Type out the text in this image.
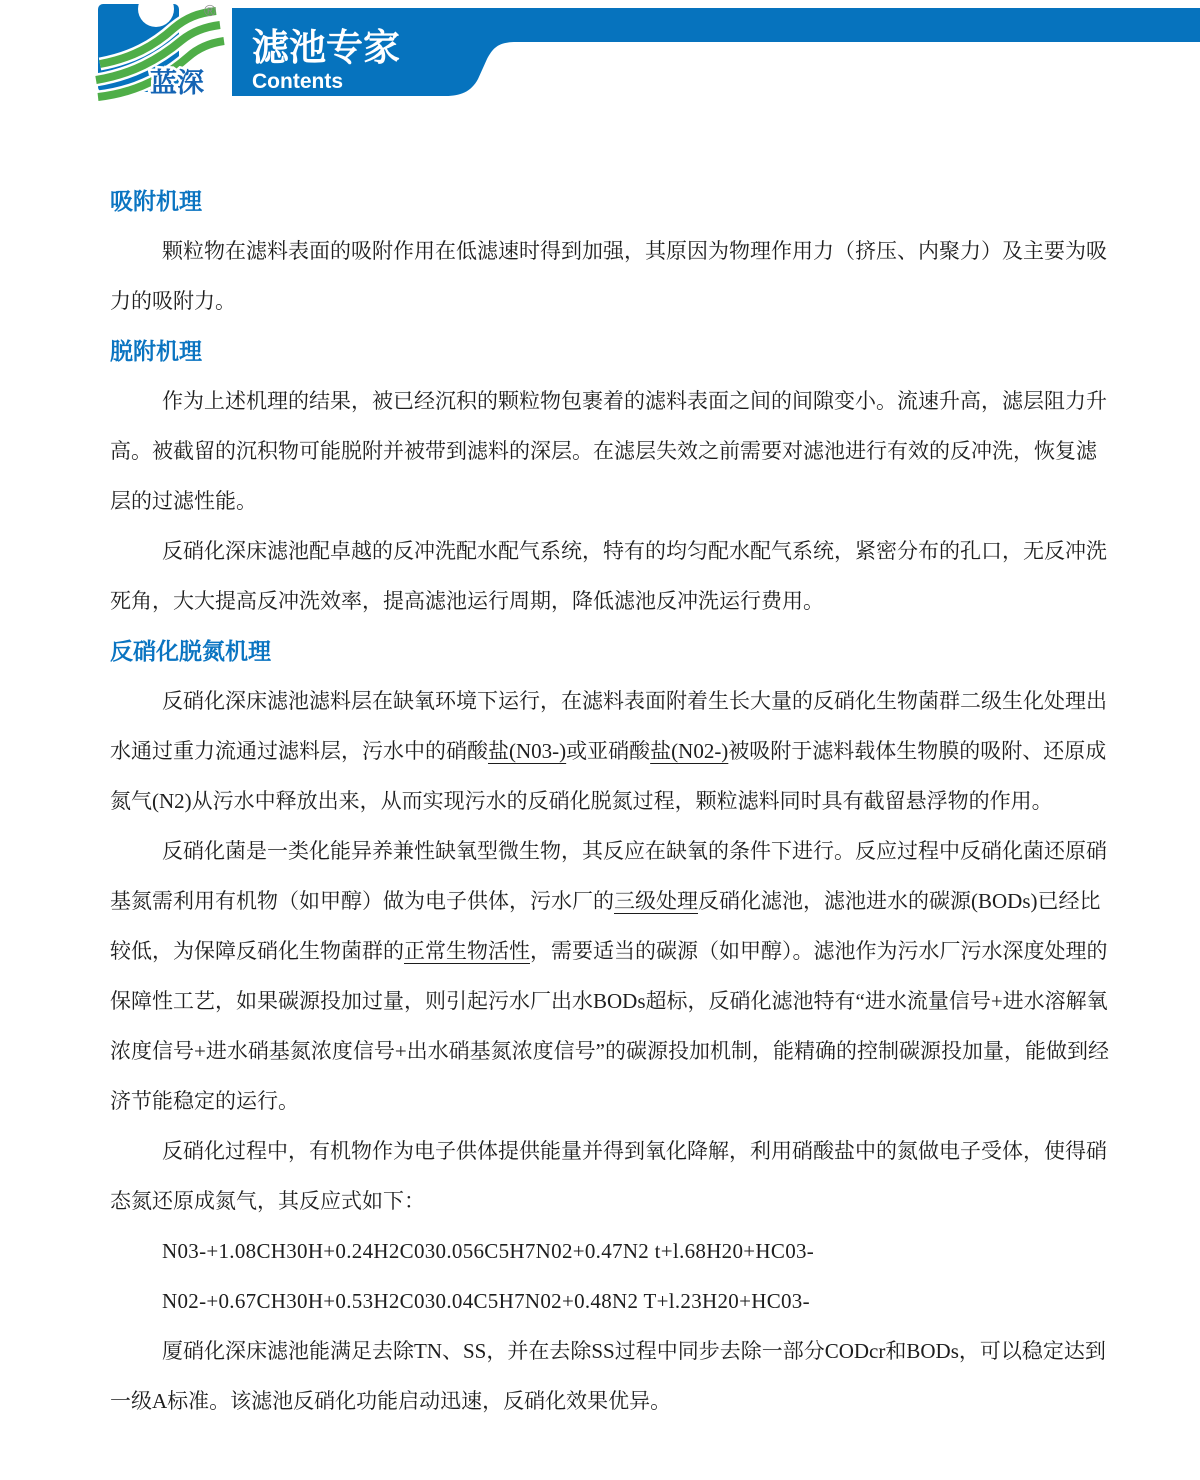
滤池专家
Contents
蓝深
®
吸附机理

颗粒物在滤料表面的吸附作用在低滤速时得到加强，其原因为物理作用力（挤压、内聚力）及主要为吸力的吸附力。

脱附机理

作为上述机理的结果，被已经沉积的颗粒物包裹着的滤料表面之间的间隙变小。流速升高，滤层阻力升高。被截留的沉积物可能脱附并被带到滤料的深层。在滤层失效之前需要对滤池进行有效的反冲洗，恢复滤层的过滤性能。

反硝化深床滤池配卓越的反冲洗配水配气系统，特有的均匀配水配气系统，紧密分布的孔口，无反冲洗死角，大大提高反冲洗效率，提高滤池运行周期，降低滤池反冲洗运行费用。

反硝化脱氮机理

反硝化深床滤池滤料层在缺氧环境下运行，在滤料表面附着生长大量的反硝化生物菌群二级生化处理出水通过重力流通过滤料层，污水中的硝酸盐(N03-)或亚硝酸盐(N02-)被吸附于滤料载体生物膜的吸附、还原成氮气(N2)从污水中释放出来，从而实现污水的反硝化脱氮过程，颗粒滤料同时具有截留悬浮物的作用。

反硝化菌是一类化能异养兼性缺氧型微生物，其反应在缺氧的条件下进行。反应过程中反硝化菌还原硝基氮需利用有机物（如甲醇）做为电子供体，污水厂的三级处理反硝化滤池，滤池进水的碳源(BODs)已经比较低，为保障反硝化生物菌群的正常生物活性，需要适当的碳源（如甲醇）。滤池作为污水厂污水深度处理的保障性工艺，如果碳源投加过量，则引起污水厂出水BODs超标，反硝化滤池特有“进水流量信号+进水溶解氧浓度信号+进水硝基氮浓度信号+出水硝基氮浓度信号”的碳源投加机制，能精确的控制碳源投加量，能做到经济节能稳定的运行。

反硝化过程中，有机物作为电子供体提供能量并得到氧化降解，利用硝酸盐中的氮做电子受体，使得硝态氮还原成氮气，其反应式如下：

N03-+1.08CH30H+0.24H2C030.056C5H7N02+0.47N2 t+l.68H20+HC03-

N02-+0.67CH30H+0.53H2C030.04C5H7N02+0.48N2 T+l.23H20+HC03-

厦硝化深床滤池能满足去除TN、SS，并在去除SS过程中同步去除一部分CODcr和BODs，可以稳定达到一级A标准。该滤池反硝化功能启动迅速，反硝化效果优异。
